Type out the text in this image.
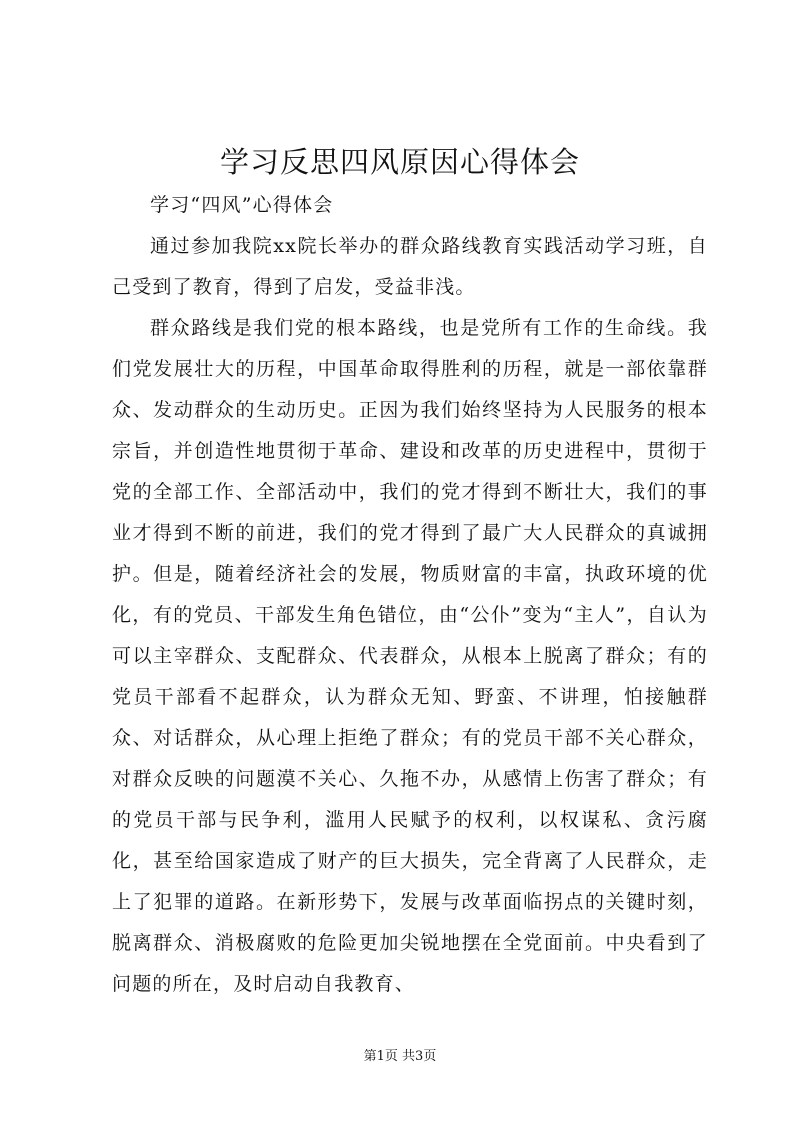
学习反思四风原因心得体会

学习“四风”心得体会

通过参加我院xx院长举办的群众路线教育实践活动学习班，自己受到了教育，得到了启发，受益非浅。

群众路线是我们党的根本路线，也是党所有工作的生命线。我们党发展壮大的历程，中国革命取得胜利的历程，就是一部依靠群众、发动群众的生动历史。正因为我们始终坚持为人民服务的根本宗旨，并创造性地贯彻于革命、建设和改革的历史进程中，贯彻于党的全部工作、全部活动中，我们的党才得到不断壮大，我们的事业才得到不断的前进，我们的党才得到了最广大人民群众的真诚拥护。但是，随着经济社会的发展，物质财富的丰富，执政环境的优化，有的党员、干部发生角色错位，由“公仆”变为“主人”，自认为可以主宰群众、支配群众、代表群众，从根本上脱离了群众；有的党员干部看不起群众，认为群众无知、野蛮、不讲理，怕接触群众、对话群众，从心理上拒绝了群众；有的党员干部不关心群众，对群众反映的问题漠不关心、久拖不办，从感情上伤害了群众；有的党员干部与民争利，滥用人民赋予的权利，以权谋私、贪污腐化，甚至给国家造成了财产的巨大损失，完全背离了人民群众，走上了犯罪的道路。在新形势下，发展与改革面临拐点的关键时刻，脱离群众、消极腐败的危险更加尖锐地摆在全党面前。中央看到了问题的所在，及时启动自我教育、

第1页 共3页
